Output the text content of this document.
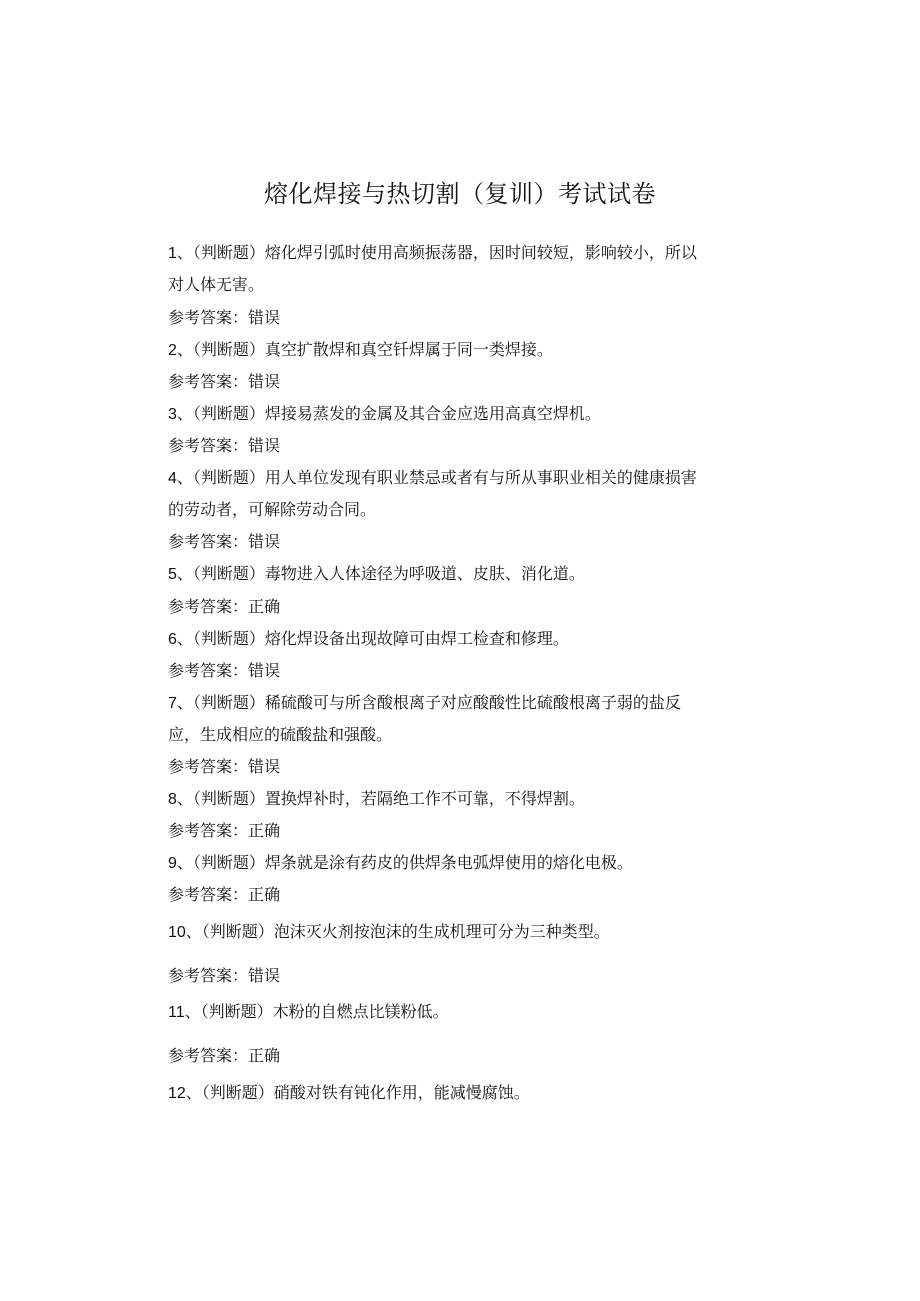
熔化焊接与热切割（复训）考试试卷
1、（判断题）熔化焊引弧时使用高频振荡器，因时间较短，影响较小，所以
对人体无害。
参考答案：错误
2、（判断题）真空扩散焊和真空钎焊属于同一类焊接。
参考答案：错误
3、（判断题）焊接易蒸发的金属及其合金应选用高真空焊机。
参考答案：错误
4、（判断题）用人单位发现有职业禁忌或者有与所从事职业相关的健康损害
的劳动者，可解除劳动合同。
参考答案：错误
5、（判断题）毒物进入人体途径为呼吸道、皮肤、消化道。
参考答案：正确
6、（判断题）熔化焊设备出现故障可由焊工检查和修理。
参考答案：错误
7、（判断题）稀硫酸可与所含酸根离子对应酸酸性比硫酸根离子弱的盐反
应，生成相应的硫酸盐和强酸。
参考答案：错误
8、（判断题）置换焊补时，若隔绝工作不可靠，不得焊割。
参考答案：正确
9、（判断题）焊条就是涂有药皮的供焊条电弧焊使用的熔化电极。
参考答案：正确
10、（判断题）泡沫灭火剂按泡沫的生成机理可分为三种类型。
参考答案：错误
11、（判断题）木粉的自燃点比镁粉低。
参考答案：正确
12、（判断题）硝酸对铁有钝化作用，能减慢腐蚀。
